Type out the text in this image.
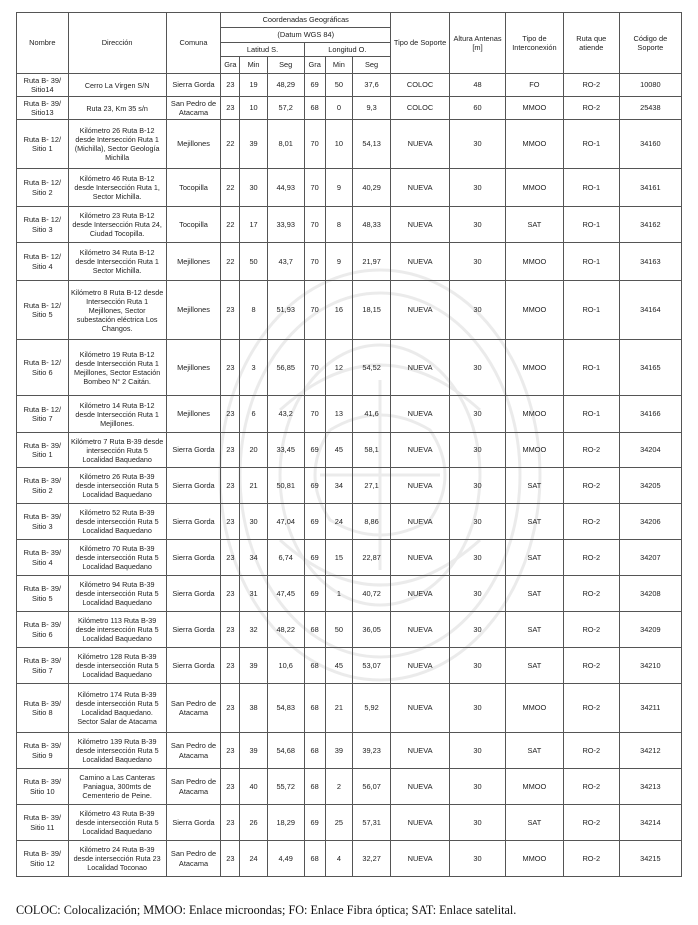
Nombre	Dirección	Comuna	Coordenadas Geográficas						Tipo de Soporte	Altura Antenas [m]	Tipo de Interconexión	Ruta que atiende	Código de Soporte
			(Datum WGS 84)										
			Latitud S.			Longitud O.							
			Gra	Min	Seg	Gra	Min	Seg					
Ruta B- 39/ Sitio14	Cerro La Virgen S/N	Sierra Gorda	23	19	48,29	69	50	37,6	COLOC	48	FO	RO-2	10080
Ruta B- 39/ Sitio13	Ruta 23, Km 35 s/n	San Pedro de Atacama	23	10	57,2	68	0	9,3	COLOC	60	MMOO	RO-2	25438
Ruta B- 12/ Sitio 1	Kilómetro 26 Ruta B-12 desde Intersección Ruta 1 (Michilla), Sector Geología Michilla	Mejillones	22	39	8,01	70	10	54,13	NUEVA	30	MMOO	RO-1	34160
Ruta B- 12/ Sitio 2	Kilómetro 46 Ruta B-12 desde Intersección Ruta 1, Sector Michilla.	Tocopilla	22	30	44,93	70	9	40,29	NUEVA	30	MMOO	RO-1	34161
Ruta B- 12/ Sitio 3	Kilómetro 23 Ruta B-12 desde Intersección Ruta 24, Ciudad Tocopilla.	Tocopilla	22	17	33,93	70	8	48,33	NUEVA	30	SAT	RO-1	34162
Ruta B- 12/ Sitio 4	Kilómetro 34 Ruta B-12 desde Intersección Ruta 1 Sector Michilla.	Mejillones	22	50	43,7	70	9	21,97	NUEVA	30	MMOO	RO-1	34163
Ruta B- 12/ Sitio 5	Kilómetro 8 Ruta B-12 desde Intersección Ruta 1 Mejillones, Sector subestación eléctrica Los Changos.	Mejillones	23	8	51,93	70	16	18,15	NUEVA	30	MMOO	RO-1	34164
Ruta B- 12/ Sitio 6	Kilómetro 19 Ruta B-12 desde Intersección Ruta 1 Mejillones, Sector Estación Bombeo N° 2 Caitán.	Mejillones	23	3	56,85	70	12	54,52	NUEVA	30	MMOO	RO-1	34165
Ruta B- 12/ Sitio 7	Kilómetro 14 Ruta B-12 desde Intersección Ruta 1 Mejillones.	Mejillones	23	6	43,2	70	13	41,6	NUEVA	30	MMOO	RO-1	34166
Ruta B- 39/ Sitio 1	Kilómetro 7 Ruta B-39 desde intersección Ruta 5 Localidad Baquedano	Sierra Gorda	23	20	33,45	69	45	58,1	NUEVA	30	MMOO	RO-2	34204
Ruta B- 39/ Sitio 2	Kilómetro 26 Ruta B-39 desde intersección Ruta 5 Localidad Baquedano	Sierra Gorda	23	21	50,81	69	34	27,1	NUEVA	30	SAT	RO-2	34205
Ruta B- 39/ Sitio 3	Kilómetro 52 Ruta B-39 desde intersección Ruta 5 Localidad Baquedano	Sierra Gorda	23	30	47,04	69	24	8,86	NUEVA	30	SAT	RO-2	34206
Ruta B- 39/ Sitio 4	Kilómetro 70 Ruta B-39 desde intersección Ruta 5 Localidad Baquedano	Sierra Gorda	23	34	6,74	69	15	22,87	NUEVA	30	SAT	RO-2	34207
Ruta B- 39/ Sitio 5	Kilómetro 94 Ruta B-39 desde intersección Ruta 5 Localidad Baquedano	Sierra Gorda	23	31	47,45	69	1	40,72	NUEVA	30	SAT	RO-2	34208
Ruta B- 39/ Sitio 6	Kilómetro 113 Ruta B-39 desde intersección Ruta 5 Localidad Baquedano	Sierra Gorda	23	32	48,22	68	50	36,05	NUEVA	30	SAT	RO-2	34209
Ruta B- 39/ Sitio 7	Kilómetro 128 Ruta B-39 desde intersección Ruta 5 Localidad Baquedano	Sierra Gorda	23	39	10,6	68	45	53,07	NUEVA	30	SAT	RO-2	34210
Ruta B- 39/ Sitio 8	Kilómetro 174 Ruta B-39 desde intersección Ruta 5 Localidad Baquedano. Sector Salar de Atacama	San Pedro de Atacama	23	38	54,83	68	21	5,92	NUEVA	30	MMOO	RO-2	34211
Ruta B- 39/ Sitio 9	Kilómetro 139 Ruta B-39 desde intersección Ruta 5 Localidad Baquedano	San Pedro de Atacama	23	39	54,68	68	39	39,23	NUEVA	30	SAT	RO-2	34212
Ruta B- 39/ Sitio 10	Camino a Las Canteras Paniagua, 300mts de Cementerio de Peine.	San Pedro de Atacama	23	40	55,72	68	2	56,07	NUEVA	30	MMOO	RO-2	34213
Ruta B- 39/ Sitio 11	Kilómetro 43 Ruta B-39 desde intersección Ruta 5 Localidad Baquedano	Sierra Gorda	23	26	18,29	69	25	57,31	NUEVA	30	SAT	RO-2	34214
Ruta B- 39/ Sitio 12	Kilómetro 24 Ruta B-39 desde intersección Ruta 23 Localidad Toconao	San Pedro de Atacama	23	24	4,49	68	4	32,27	NUEVA	30	MMOO	RO-2	34215
COLOC: Colocalización; MMOO: Enlace microondas; FO: Enlace Fibra óptica; SAT: Enlace satelital.
